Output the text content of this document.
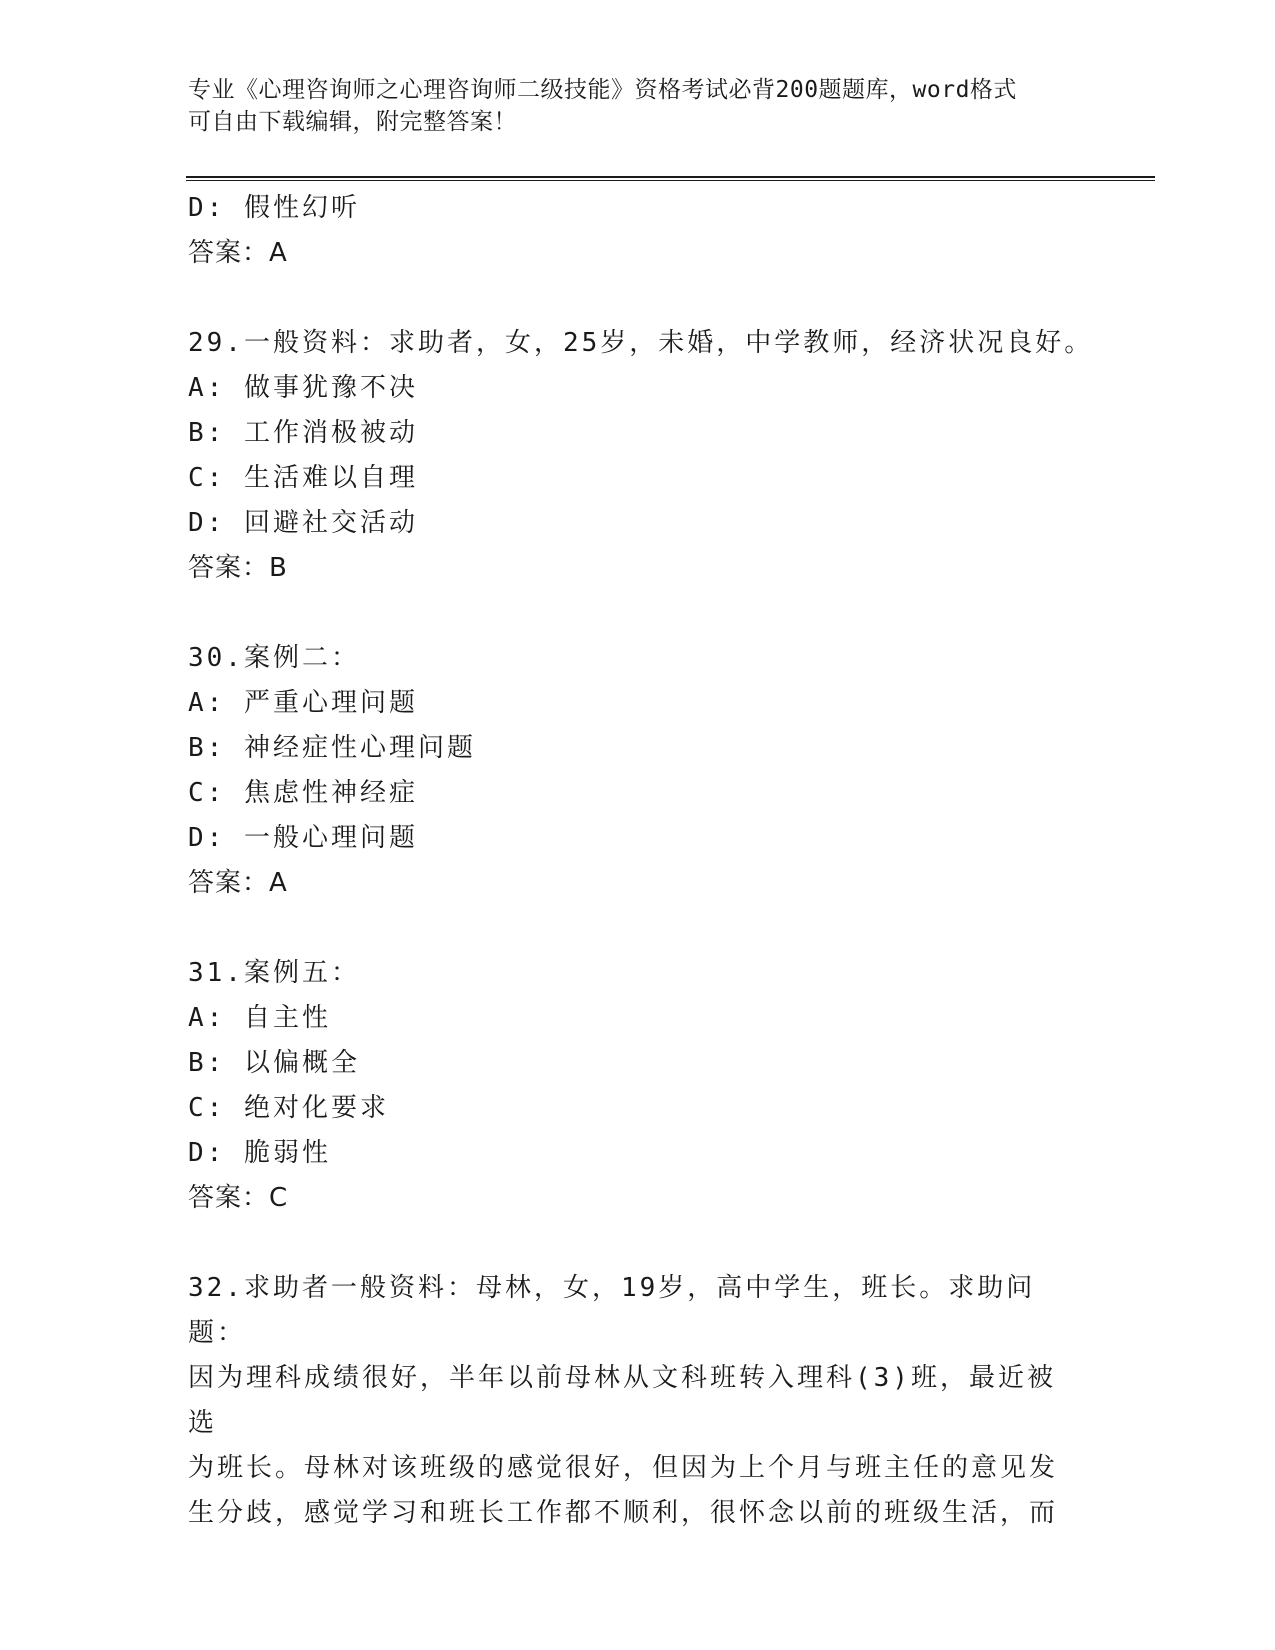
专业《心理咨询师之心理咨询师二级技能》资格考试必背200题题库，word格式
可自由下载编辑，附完整答案！
D: 假性幻听
答案：A
29.一般资料：求助者，女，25岁，未婚，中学教师，经济状况良好。
A: 做事犹豫不决
B: 工作消极被动
C: 生活难以自理
D: 回避社交活动
答案：B
30.案例二：
A: 严重心理问题
B: 神经症性心理问题
C: 焦虑性神经症
D: 一般心理问题
答案：A
31.案例五：
A: 自主性
B: 以偏概全
C: 绝对化要求
D: 脆弱性
答案：C
32.求助者一般资料：母林，女，19岁，高中学生，班长。求助问题：
因为理科成绩很好，半年以前母林从文科班转入理科(3)班，最近被选
为班长。母林对该班级的感觉很好，但因为上个月与班主任的意见发
生分歧，感觉学习和班长工作都不顺利，很怀念以前的班级生活，而
